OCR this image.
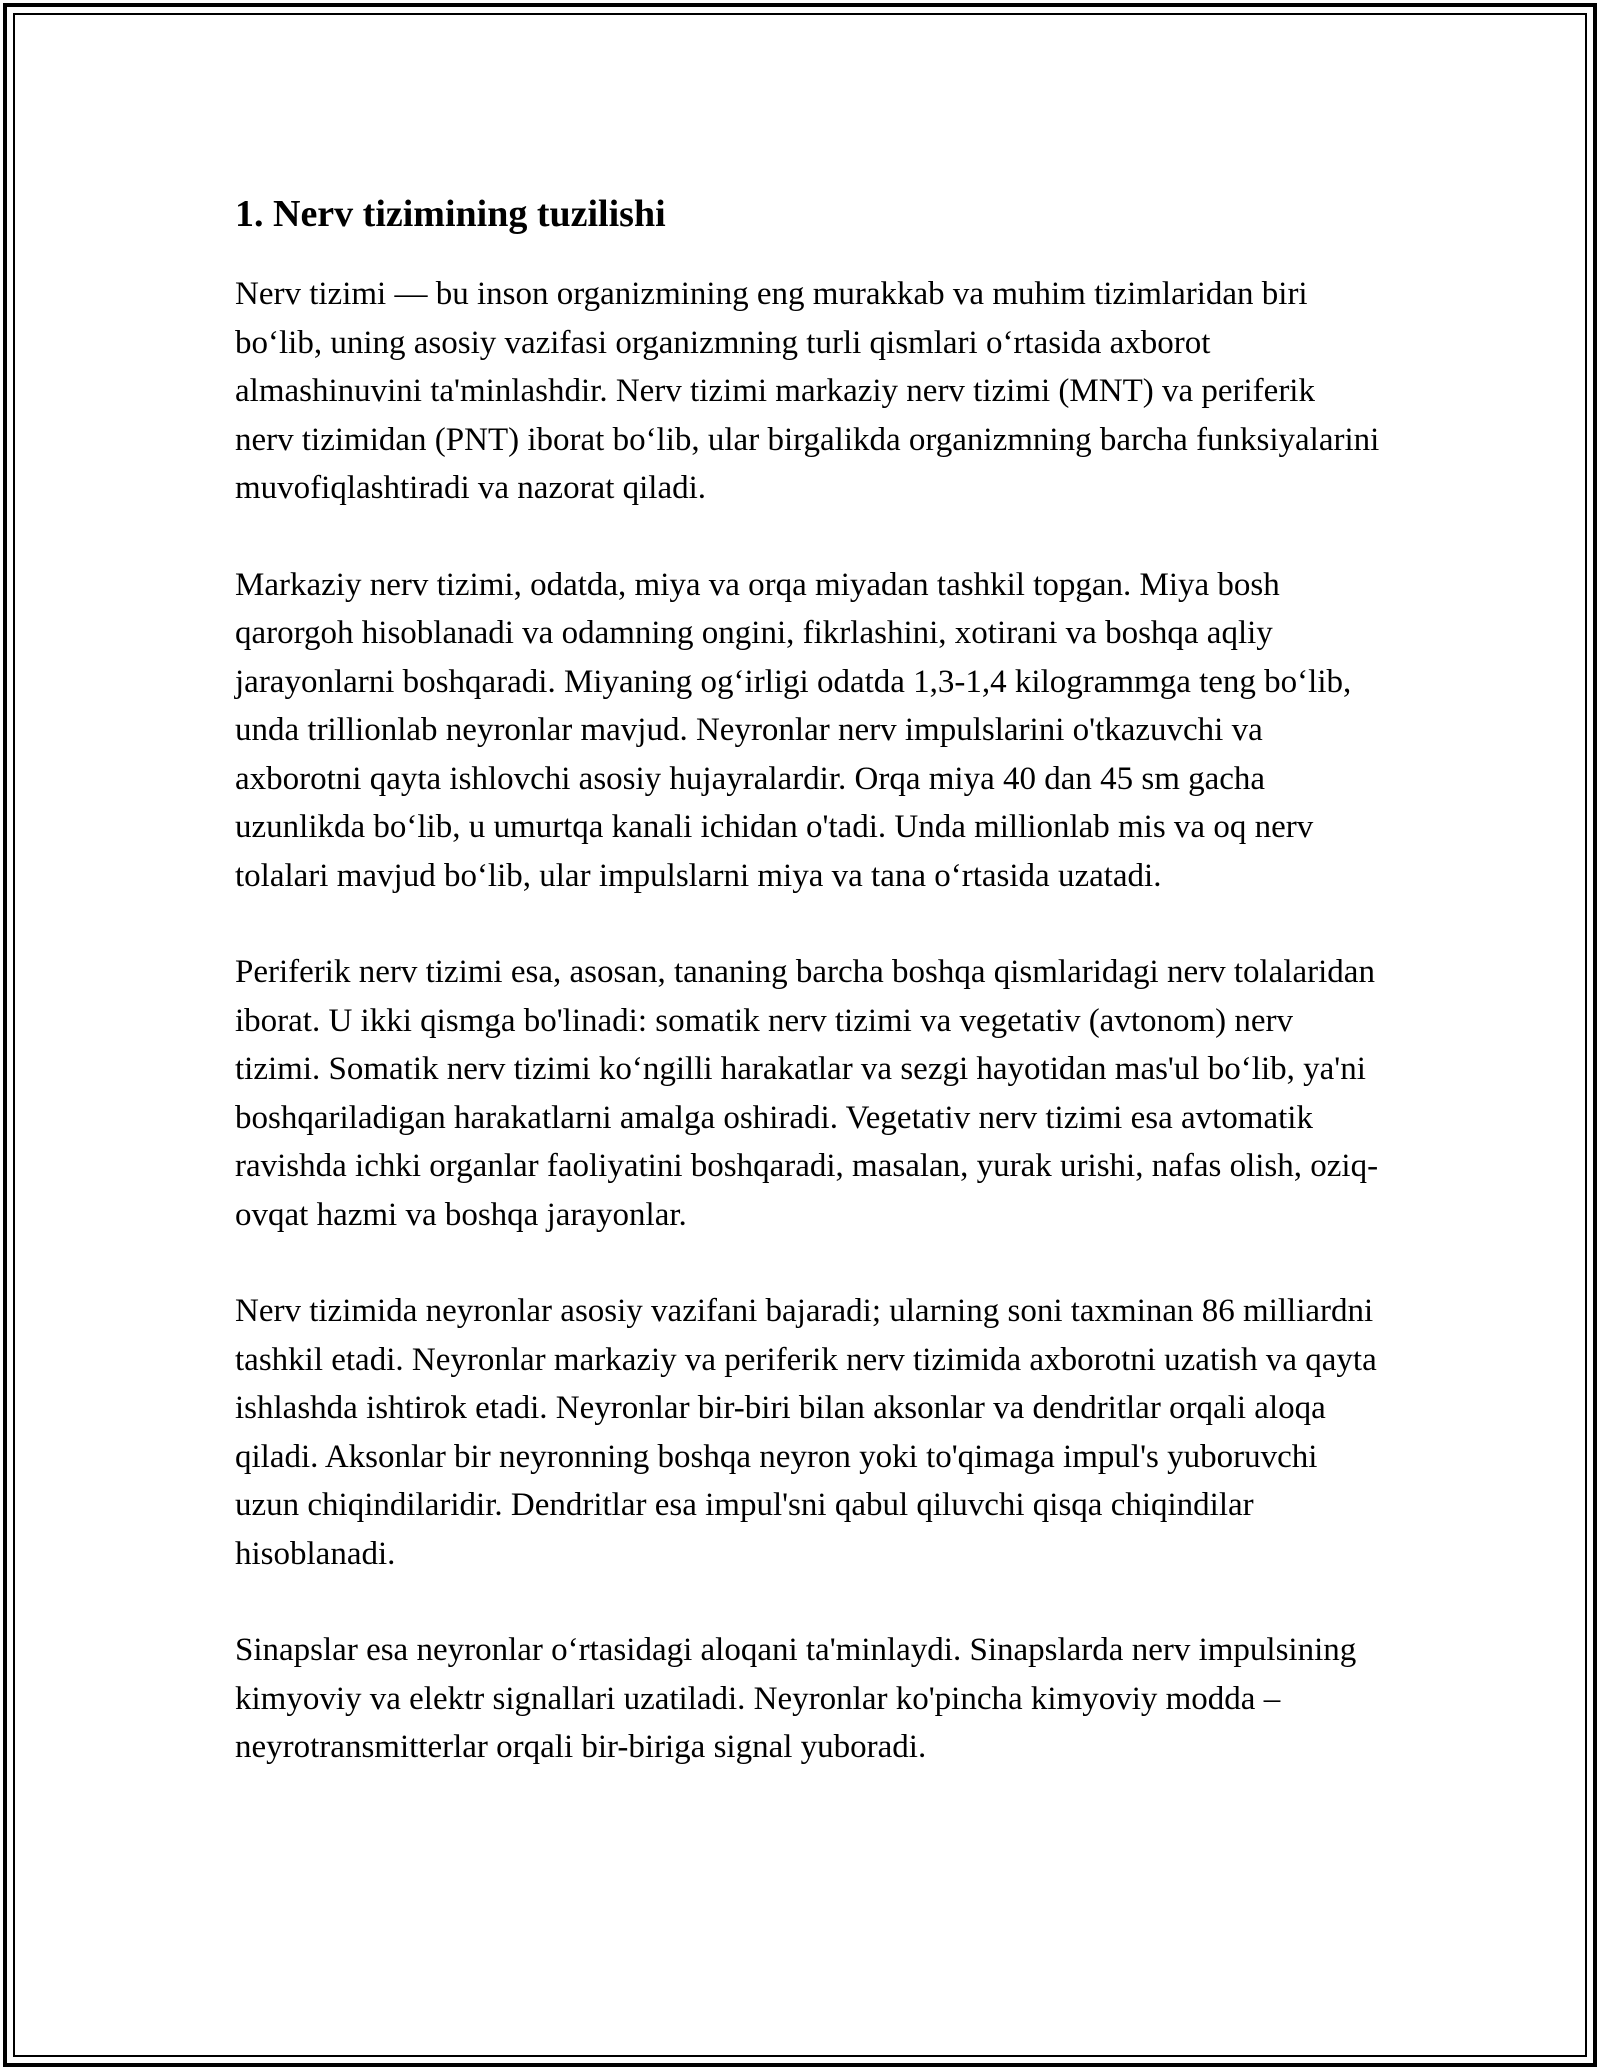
1. Nerv tizimining tuzilishi

Nerv tizimi — bu inson organizmining eng murakkab va muhim tizimlaridan biri bo‘lib, uning asosiy vazifasi organizmning turli qismlari o‘rtasida axborot almashinuvini ta'minlashdir. Nerv tizimi markaziy nerv tizimi (MNT) va periferik nerv tizimidan (PNT) iborat bo‘lib, ular birgalikda organizmning barcha funksiyalarini muvofiqlashtiradi va nazorat qiladi.

Markaziy nerv tizimi, odatda, miya va orqa miyadan tashkil topgan. Miya bosh qarorgoh hisoblanadi va odamning ongini, fikrlashini, xotirani va boshqa aqliy jarayonlarni boshqaradi. Miyaning og‘irligi odatda 1,3-1,4 kilogrammga teng bo‘lib, unda trillionlab neyronlar mavjud. Neyronlar nerv impulslarini o'tkazuvchi va axborotni qayta ishlovchi asosiy hujayralardir. Orqa miya 40 dan 45 sm gacha uzunlikda bo‘lib, u umurtqa kanali ichidan o'tadi. Unda millionlab mis va oq nerv tolalari mavjud bo‘lib, ular impulslarni miya va tana o‘rtasida uzatadi.

Periferik nerv tizimi esa, asosan, tananing barcha boshqa qismlaridagi nerv tolalaridan iborat. U ikki qismga bo'linadi: somatik nerv tizimi va vegetativ (avtonom) nerv tizimi. Somatik nerv tizimi ko‘ngilli harakatlar va sezgi hayotidan mas'ul bo‘lib, ya'ni boshqariladigan harakatlarni amalga oshiradi. Vegetativ nerv tizimi esa avtomatik ravishda ichki organlar faoliyatini boshqaradi, masalan, yurak urishi, nafas olish, oziq-ovqat hazmi va boshqa jarayonlar.

Nerv tizimida neyronlar asosiy vazifani bajaradi; ularning soni taxminan 86 milliardni tashkil etadi. Neyronlar markaziy va periferik nerv tizimida axborotni uzatish va qayta ishlashda ishtirok etadi. Neyronlar bir-biri bilan aksonlar va dendritlar orqali aloqa qiladi. Aksonlar bir neyronning boshqa neyron yoki to'qimaga impul's yuboruvchi uzun chiqindilaridir. Dendritlar esa impul'sni qabul qiluvchi qisqa chiqindilar hisoblanadi.

Sinapslar esa neyronlar o‘rtasidagi aloqani ta'minlaydi. Sinapslarda nerv impulsining kimyoviy va elektr signallari uzatiladi. Neyronlar ko'pincha kimyoviy modda – neyrotransmitterlar orqali bir-biriga signal yuboradi.
